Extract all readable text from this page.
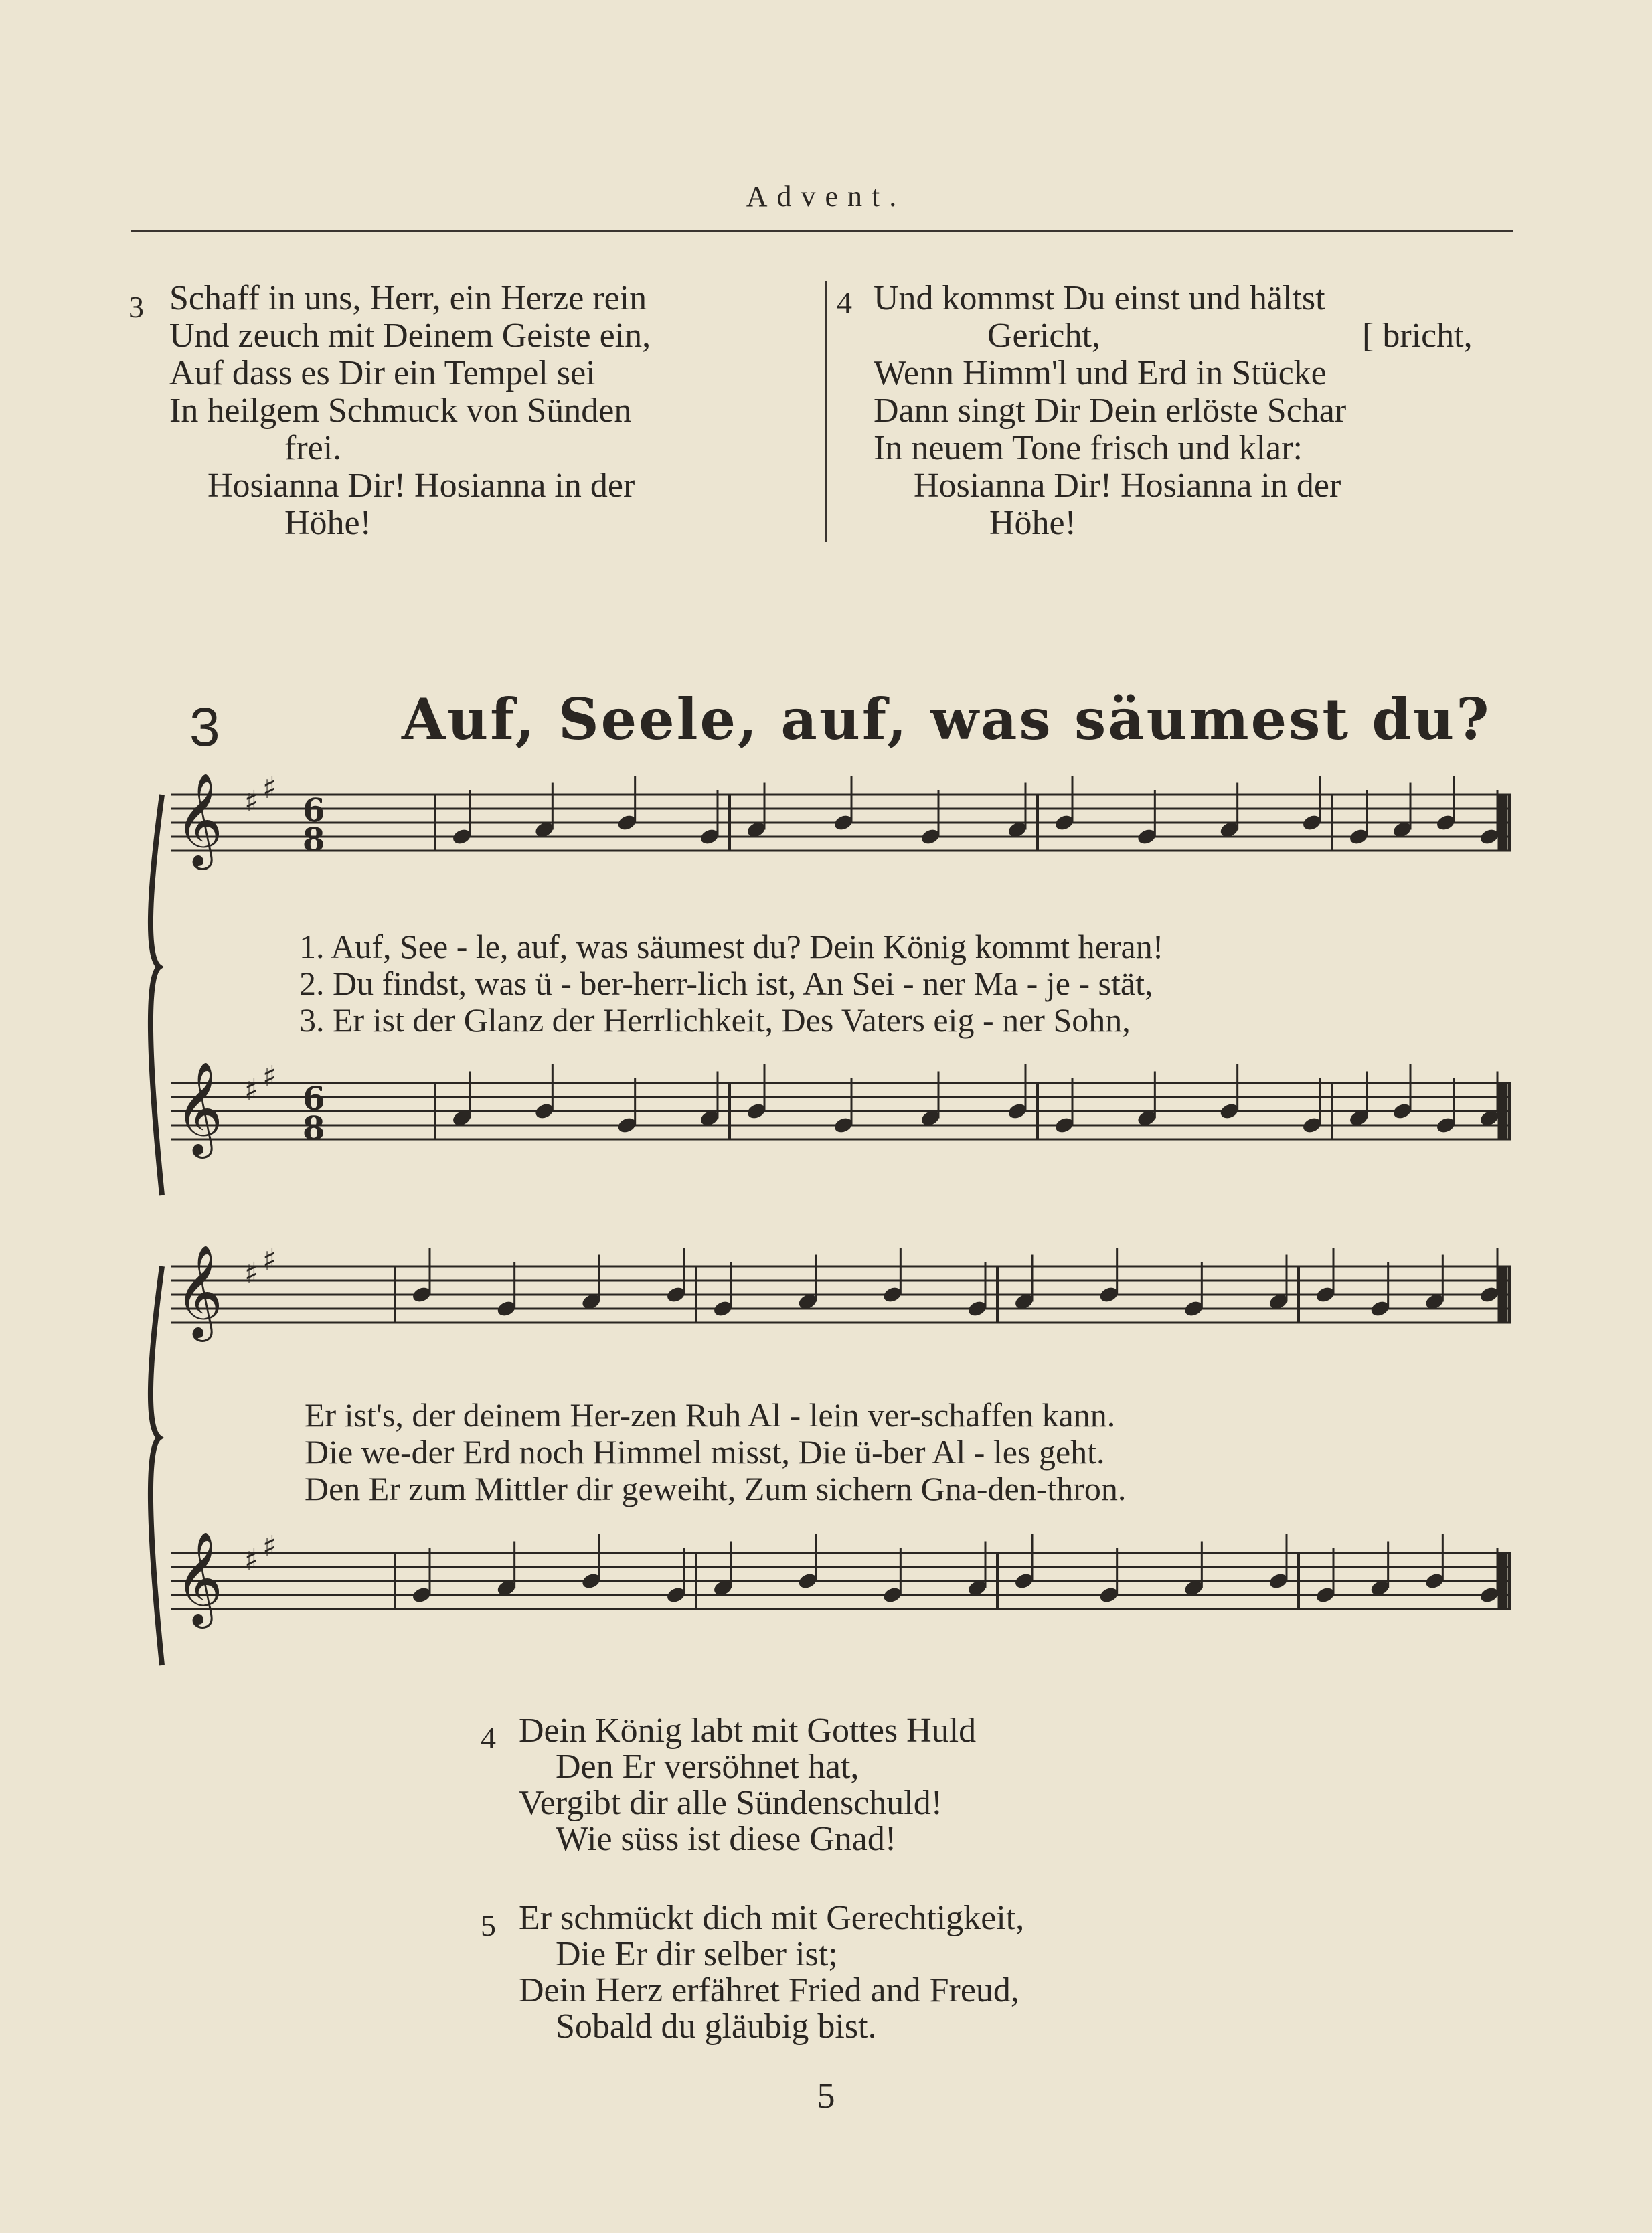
Advent.
3 Schaff in uns, Herr, ein Herze rein
Und zeuch mit Deinem Geiste ein,
Auf dass es Dir ein Tempel sei
In heilgem Schmuck von Sünden
frei.
Hosianna Dir! Hosianna in der
Höhe!
4 Und kommst Du einst und hältst
Gericht,	[ bricht,
Wenn Himm'l und Erd in Stücke
Dann singt Dir Dein erlöste Schar
In neuem Tone frisch und klar:
Hosianna Dir! Hosianna in der
Höhe!
3	Auf, Seele, auf, was säumest du?
𝄞 ♯ ♯
6
8
𝄞 ♯ ♯
6
8
𝄞 ♯ ♯
𝄞 ♯ ♯
1. Auf, See - le, auf, was säumest du? Dein König kommt heran!
2. Du findst, was ü - ber-herr-lich ist, An Sei - ner Ma - je - stät,
3. Er ist der Glanz der Herrlichkeit, Des Vaters eig - ner Sohn,
Er ist's, der deinem Her-zen Ruh Al - lein ver-schaffen kann.
Die we-der Erd noch Himmel misst, Die ü-ber Al - les geht.
Den Er zum Mittler dir geweiht, Zum sichern Gna-den-thron.
4 Dein König labt mit Gottes Huld
Den Er versöhnet hat,
Vergibt dir alle Sündenschuld!
Wie süss ist diese Gnad!
5 Er schmückt dich mit Gerechtigkeit,
Die Er dir selber ist;
Dein Herz erfähret Fried and Freud,
Sobald du gläubig bist.
5
